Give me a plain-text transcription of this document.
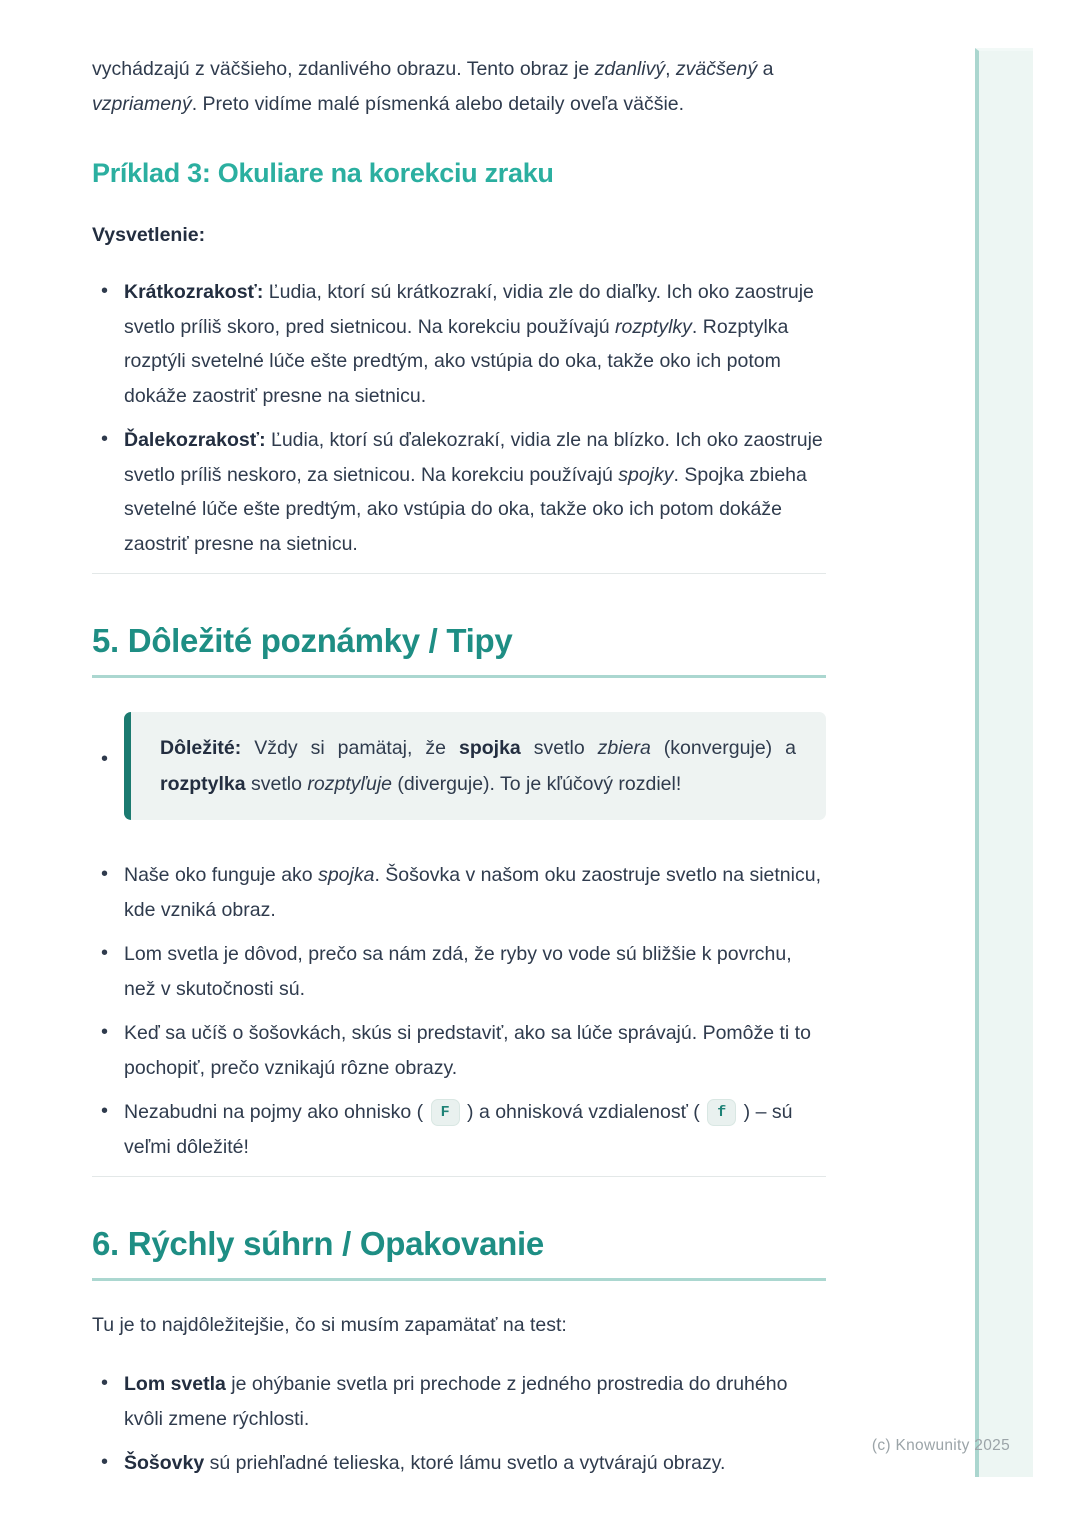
vychádzajú z väčšieho, zdanlivého obrazu. Tento obraz je zdanlivý, zväčšený a vzpriamený. Preto vidíme malé písmenká alebo detaily oveľa väčšie.

Príklad 3: Okuliare na korekciu zraku

Vysvetlenie:

• Krátkozrakosť: Ľudia, ktorí sú krátkozrakí, vidia zle do diaľky. Ich oko zaostruje svetlo príliš skoro, pred sietnicou. Na korekciu používajú rozptylky. Rozptylka rozptýli svetelné lúče ešte predtým, ako vstúpia do oka, takže oko ich potom dokáže zaostriť presne na sietnicu.
• Ďalekozrakosť: Ľudia, ktorí sú ďalekozrakí, vidia zle na blízko. Ich oko zaostruje svetlo príliš neskoro, za sietnicou. Na korekciu používajú spojky. Spojka zbieha svetelné lúče ešte predtým, ako vstúpia do oka, takže oko ich potom dokáže zaostriť presne na sietnicu.
5. Dôležité poznámky / Tipy

• Dôležité: Vždy si pamätaj, že spojka svetlo zbiera (konverguje) a rozptylka svetlo rozptyľuje (diverguje). To je kľúčový rozdiel!

• Naše oko funguje ako spojka. Šošovka v našom oku zaostruje svetlo na sietnicu, kde vzniká obraz.
• Lom svetla je dôvod, prečo sa nám zdá, že ryby vo vode sú bližšie k povrchu, než v skutočnosti sú.
• Keď sa učíš o šošovkách, skús si predstaviť, ako sa lúče správajú. Pomôže ti to pochopiť, prečo vznikajú rôzne obrazy.
• Nezabudni na pojmy ako ohnisko ( F ) a ohnisková vzdialenosť ( f ) – sú veľmi dôležité!
6. Rýchly súhrn / Opakovanie

Tu je to najdôležitejšie, čo si musím zapamätať na test:

• Lom svetla je ohýbanie svetla pri prechode z jedného prostredia do druhého kvôli zmene rýchlosti.
• Šošovky sú priehľadné telieska, ktoré lámu svetlo a vytvárajú obrazy.
(c) Knowunity 2025
